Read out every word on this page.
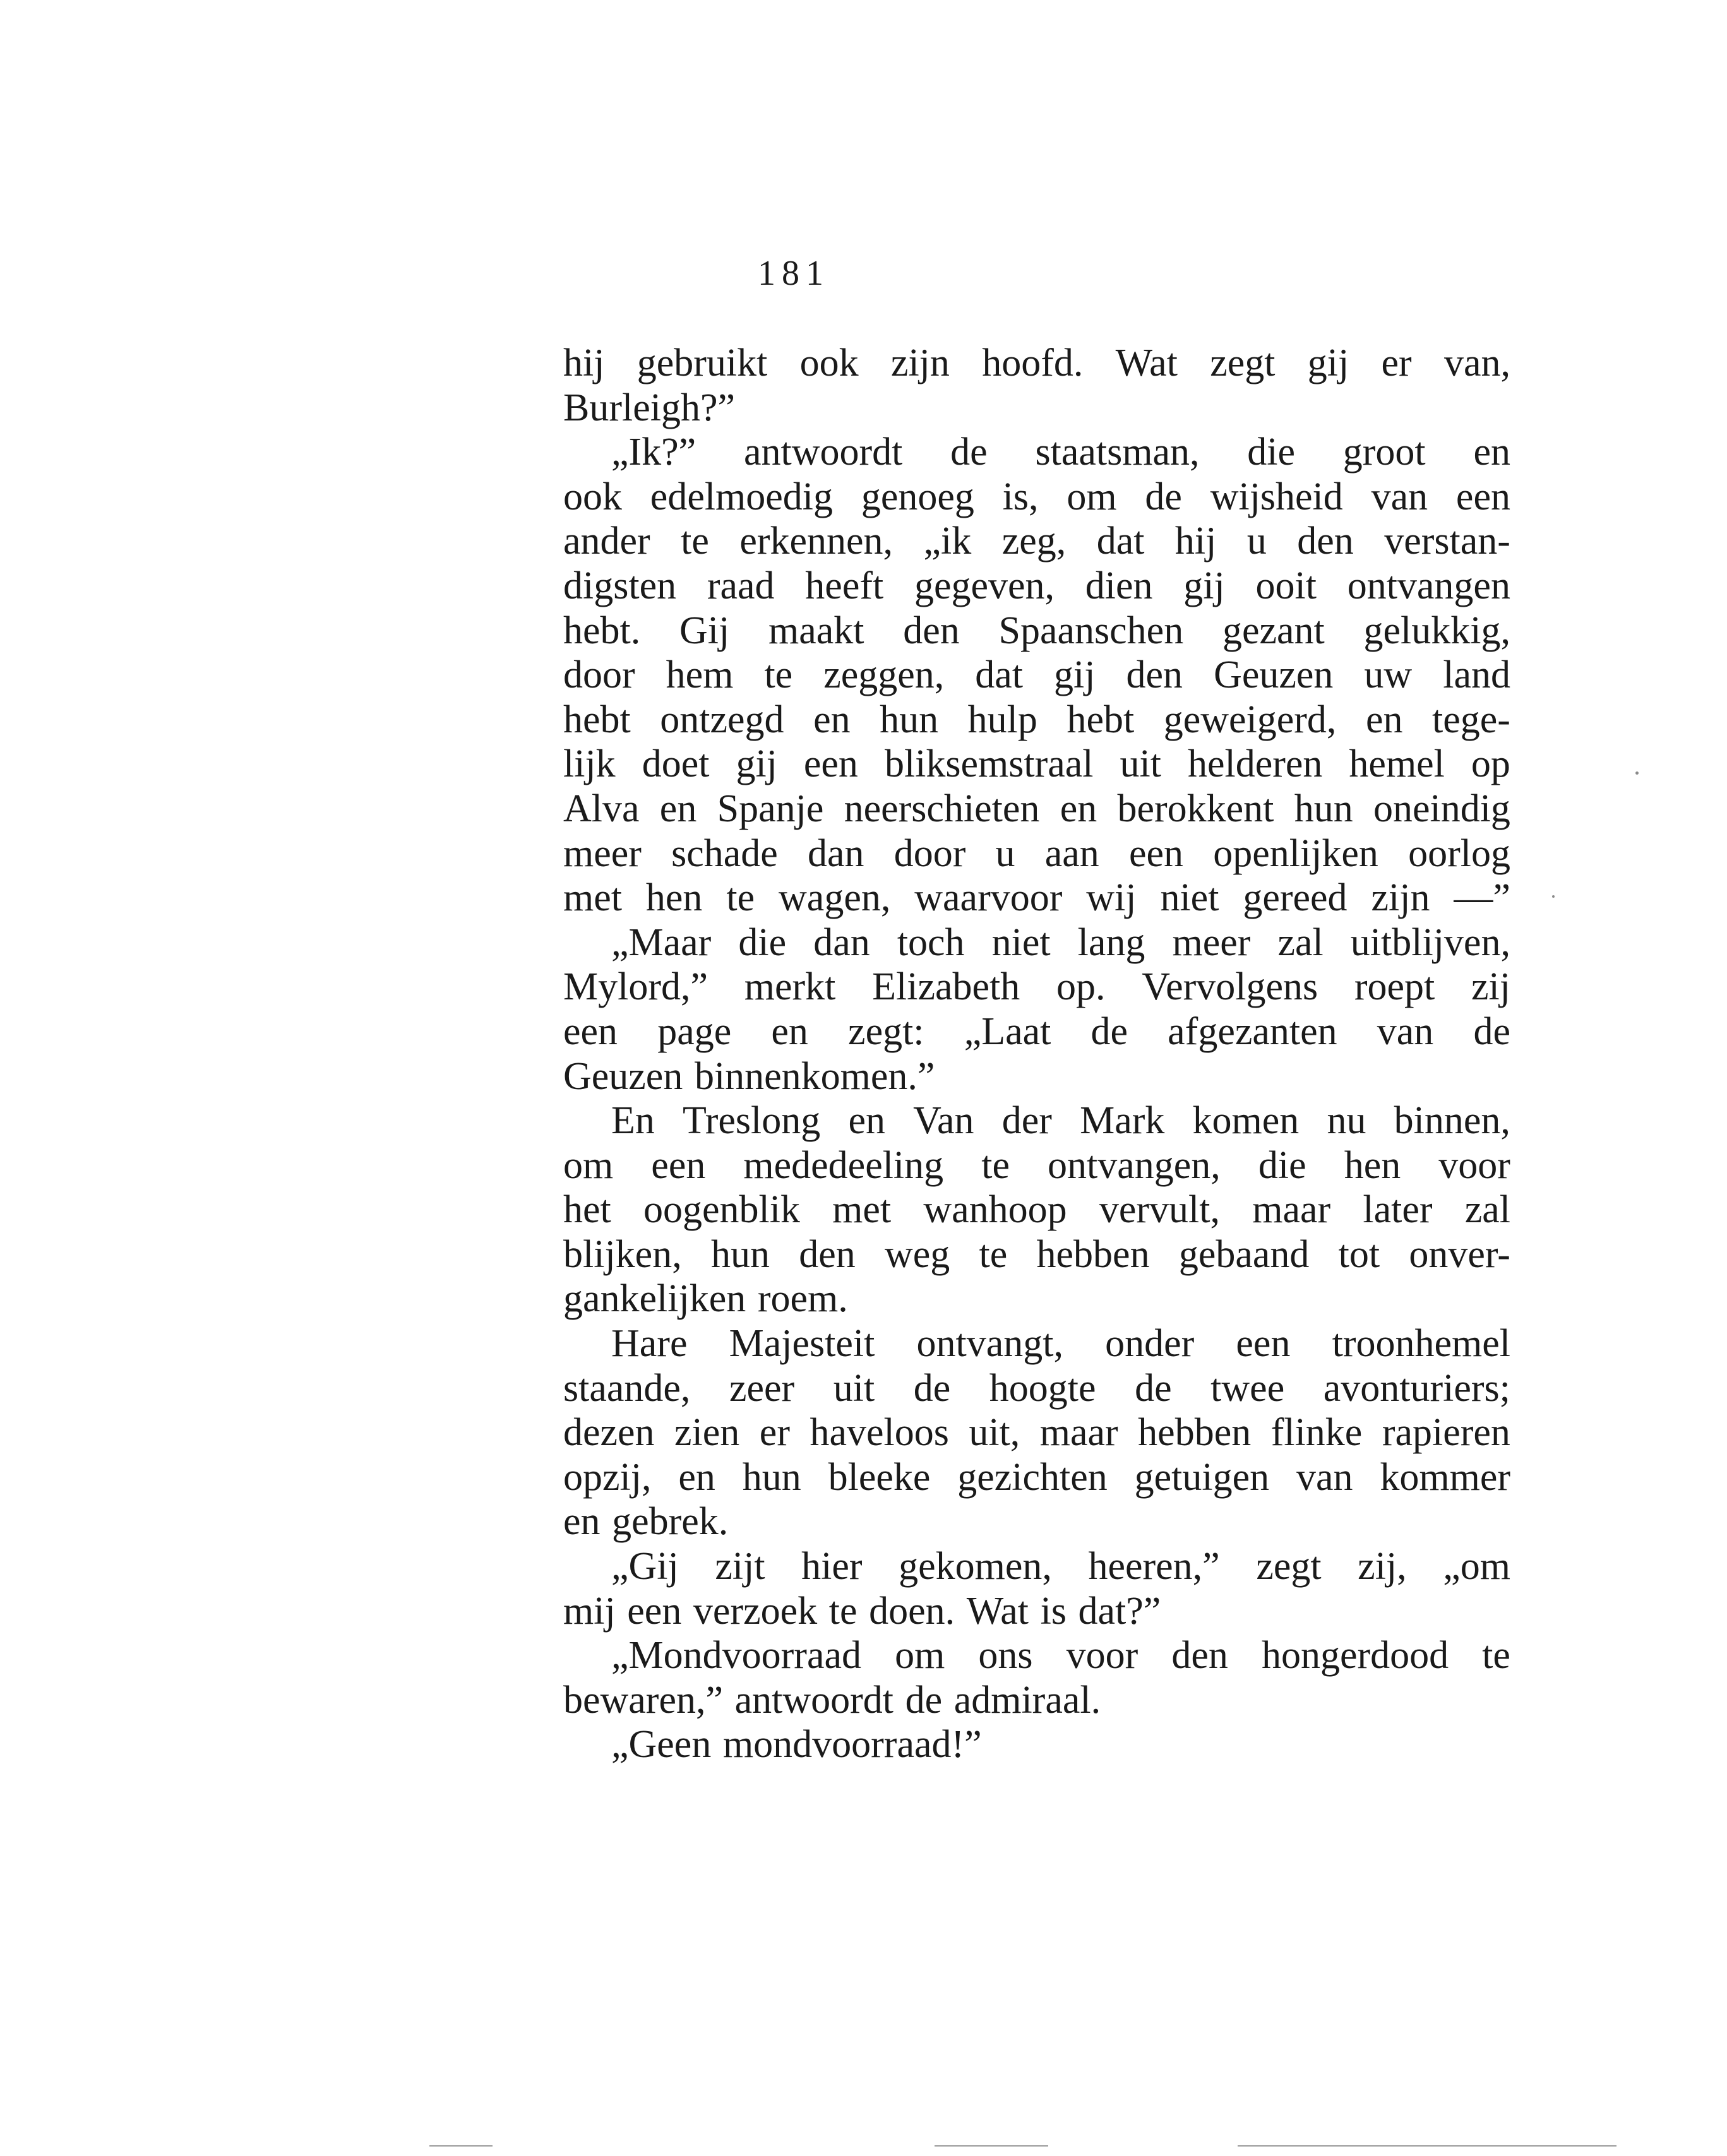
181
hij gebruikt ook zijn hoofd. Wat zegt gij er van,
Burleigh?”
„Ik?” antwoordt de staatsman, die groot en
ook edelmoedig genoeg is, om de wijsheid van een
ander te erkennen, „ik zeg, dat hij u den verstan-
digsten raad heeft gegeven, dien gij ooit ontvangen
hebt. Gij maakt den Spaanschen gezant gelukkig,
door hem te zeggen, dat gij den Geuzen uw land
hebt ontzegd en hun hulp hebt geweigerd, en tege-
lijk doet gij een bliksemstraal uit helderen hemel op
Alva en Spanje neerschieten en berokkent hun oneindig
meer schade dan door u aan een openlijken oorlog
met hen te wagen, waarvoor wij niet gereed zijn —”
„Maar die dan toch niet lang meer zal uitblijven,
Mylord,” merkt Elizabeth op. Vervolgens roept zij
een page en zegt: „Laat de afgezanten van de
Geuzen binnenkomen.”
En Treslong en Van der Mark komen nu binnen,
om een mededeeling te ontvangen, die hen voor
het oogenblik met wanhoop vervult, maar later zal
blijken, hun den weg te hebben gebaand tot onver-
gankelijken roem.
Hare Majesteit ontvangt, onder een troonhemel
staande, zeer uit de hoogte de twee avonturiers;
dezen zien er haveloos uit, maar hebben flinke rapieren
opzij, en hun bleeke gezichten getuigen van kommer
en gebrek.
„Gij zijt hier gekomen, heeren,” zegt zij, „om
mij een verzoek te doen. Wat is dat?”
„Mondvoorraad om ons voor den hongerdood te
bewaren,” antwoordt de admiraal.
„Geen mondvoorraad!”
